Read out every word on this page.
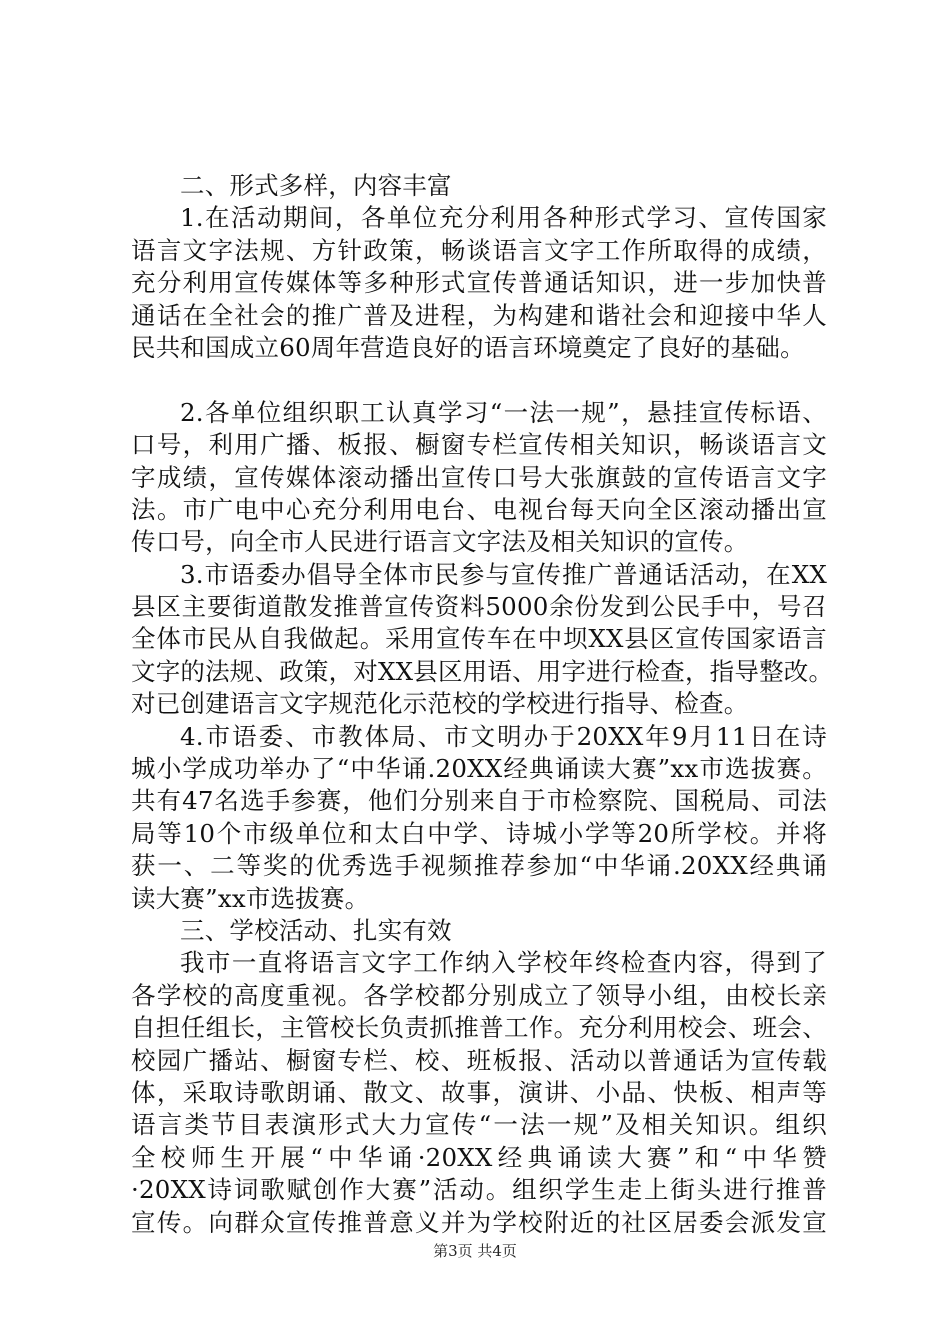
二、形式多样，内容丰富
1.在活动期间，各单位充分利用各种形式学习、宣传国家
语言文字法规、方针政策，畅谈语言文字工作所取得的成绩，
充分利用宣传媒体等多种形式宣传普通话知识，进一步加快普
通话在全社会的推广普及进程，为构建和谐社会和迎接中华人
民共和国成立60周年营造良好的语言环境奠定了良好的基础。
2.各单位组织职工认真学习“一法一规”，悬挂宣传标语、
口号，利用广播、板报、橱窗专栏宣传相关知识，畅谈语言文
字成绩，宣传媒体滚动播出宣传口号大张旗鼓的宣传语言文字
法。市广电中心充分利用电台、电视台每天向全区滚动播出宣
传口号，向全市人民进行语言文字法及相关知识的宣传。
3.市语委办倡导全体市民参与宣传推广普通话活动，在XX
县区主要街道散发推普宣传资料5000余份发到公民手中，号召
全体市民从自我做起。采用宣传车在中坝XX县区宣传国家语言
文字的法规、政策，对XX县区用语、用字进行检查，指导整改。
对已创建语言文字规范化示范校的学校进行指导、检查。
4.市语委、市教体局、市文明办于20XX年9月11日在诗
城小学成功举办了“中华诵.20XX经典诵读大赛”xx市选拔赛。
共有47名选手参赛，他们分别来自于市检察院、国税局、司法
局等10个市级单位和太白中学、诗城小学等20所学校。并将
获一、二等奖的优秀选手视频推荐参加“中华诵.20XX经典诵
读大赛”xx市选拔赛。
三、学校活动、扎实有效
我市一直将语言文字工作纳入学校年终检查内容，得到了
各学校的高度重视。各学校都分别成立了领导小组，由校长亲
自担任组长，主管校长负责抓推普工作。充分利用校会、班会、
校园广播站、橱窗专栏、校、班板报、活动以普通话为宣传载
体，采取诗歌朗诵、散文、故事，演讲、小品、快板、相声等
语言类节目表演形式大力宣传“一法一规”及相关知识。组织
全校师生开展“中华诵·20XX经典诵读大赛”和“中华赞
·20XX诗词歌赋创作大赛”活动。组织学生走上街头进行推普
宣传。向群众宣传推普意义并为学校附近的社区居委会派发宣
第3页 共4页
